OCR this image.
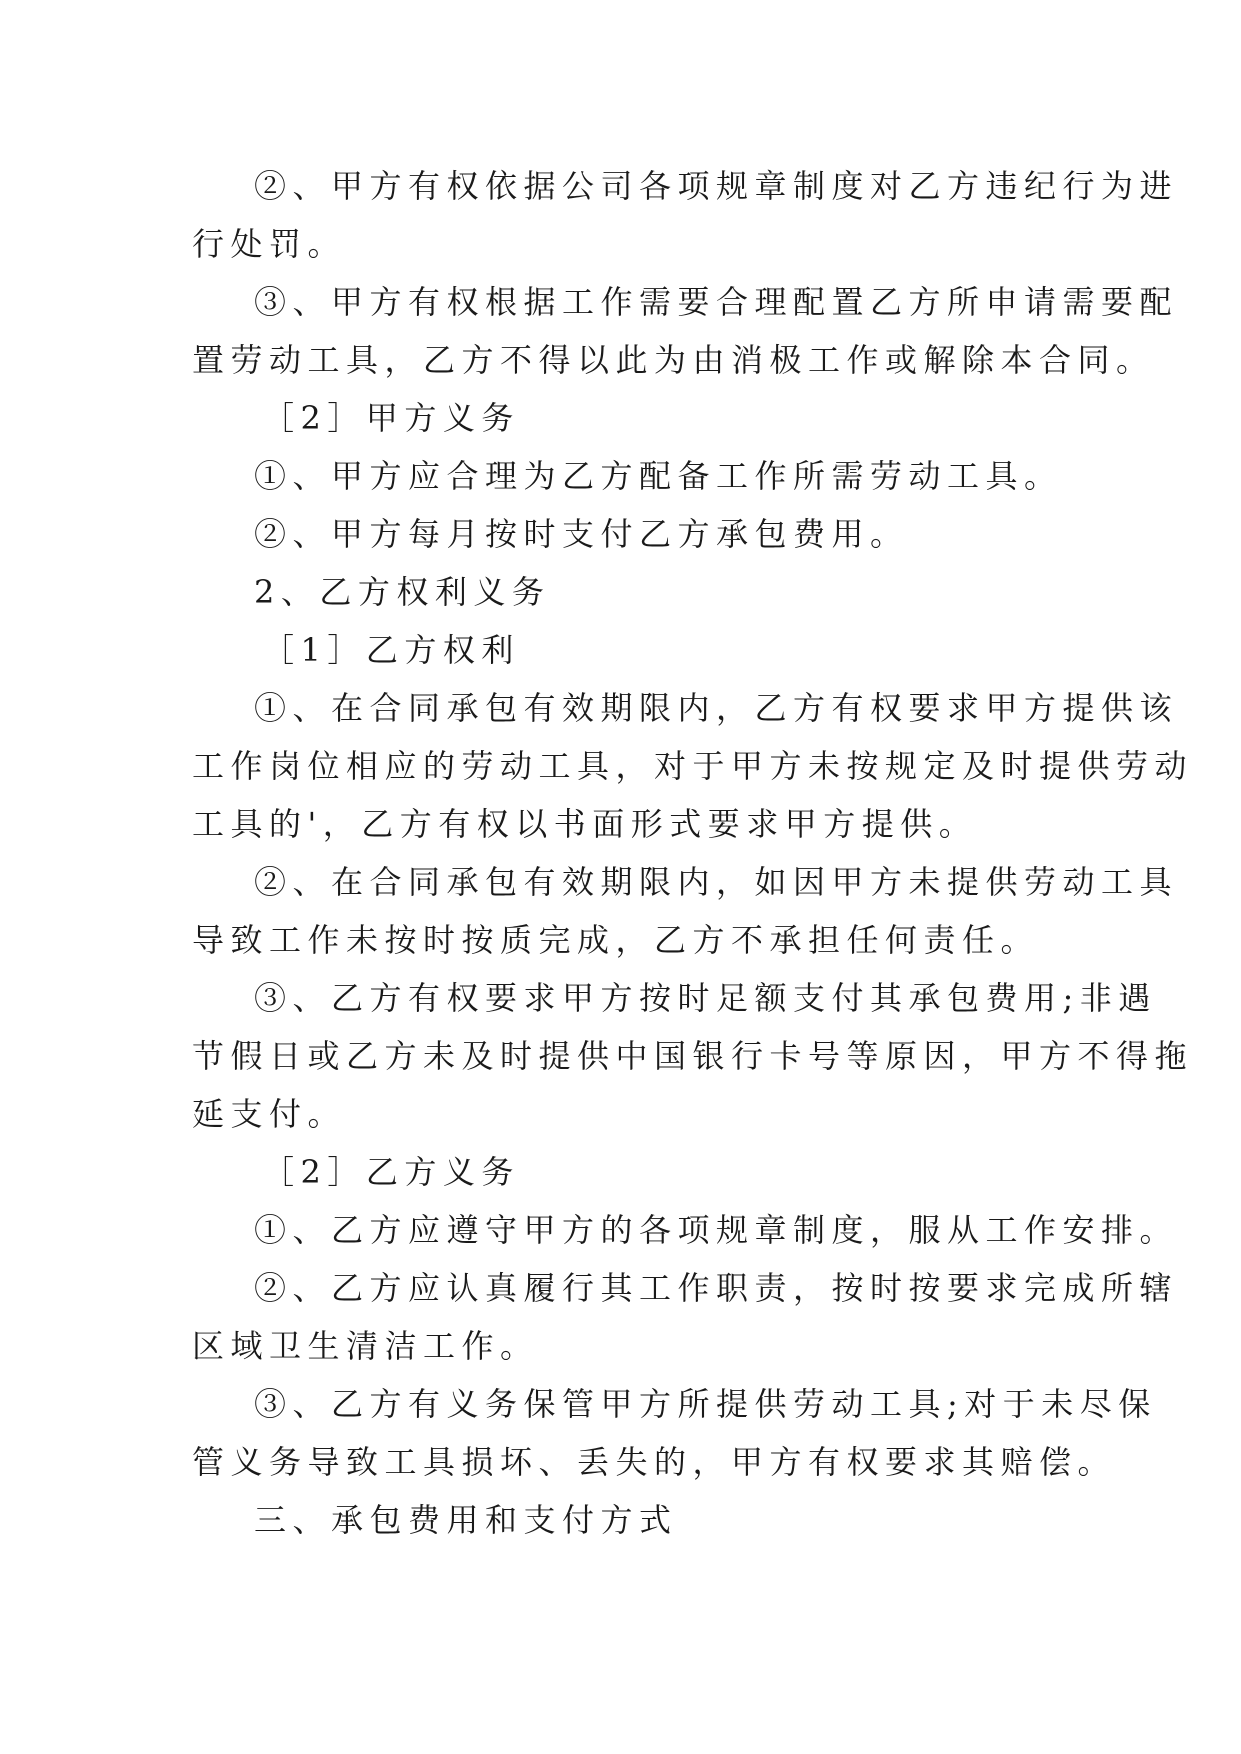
②、甲方有权依据公司各项规章制度对乙方违纪行为进
行处罚。
③、甲方有权根据工作需要合理配置乙方所申请需要配
置劳动工具，乙方不得以此为由消极工作或解除本合同。
［2］甲方义务
①、甲方应合理为乙方配备工作所需劳动工具。
②、甲方每月按时支付乙方承包费用。
2、乙方权利义务
［1］乙方权利
①、在合同承包有效期限内，乙方有权要求甲方提供该
工作岗位相应的劳动工具，对于甲方未按规定及时提供劳动
工具的'，乙方有权以书面形式要求甲方提供。
②、在合同承包有效期限内，如因甲方未提供劳动工具
导致工作未按时按质完成，乙方不承担任何责任。
③、乙方有权要求甲方按时足额支付其承包费用;非遇
节假日或乙方未及时提供中国银行卡号等原因，甲方不得拖
延支付。
［2］乙方义务
①、乙方应遵守甲方的各项规章制度，服从工作安排。
②、乙方应认真履行其工作职责，按时按要求完成所辖
区域卫生清洁工作。
③、乙方有义务保管甲方所提供劳动工具;对于未尽保
管义务导致工具损坏、丢失的，甲方有权要求其赔偿。
三、承包费用和支付方式
